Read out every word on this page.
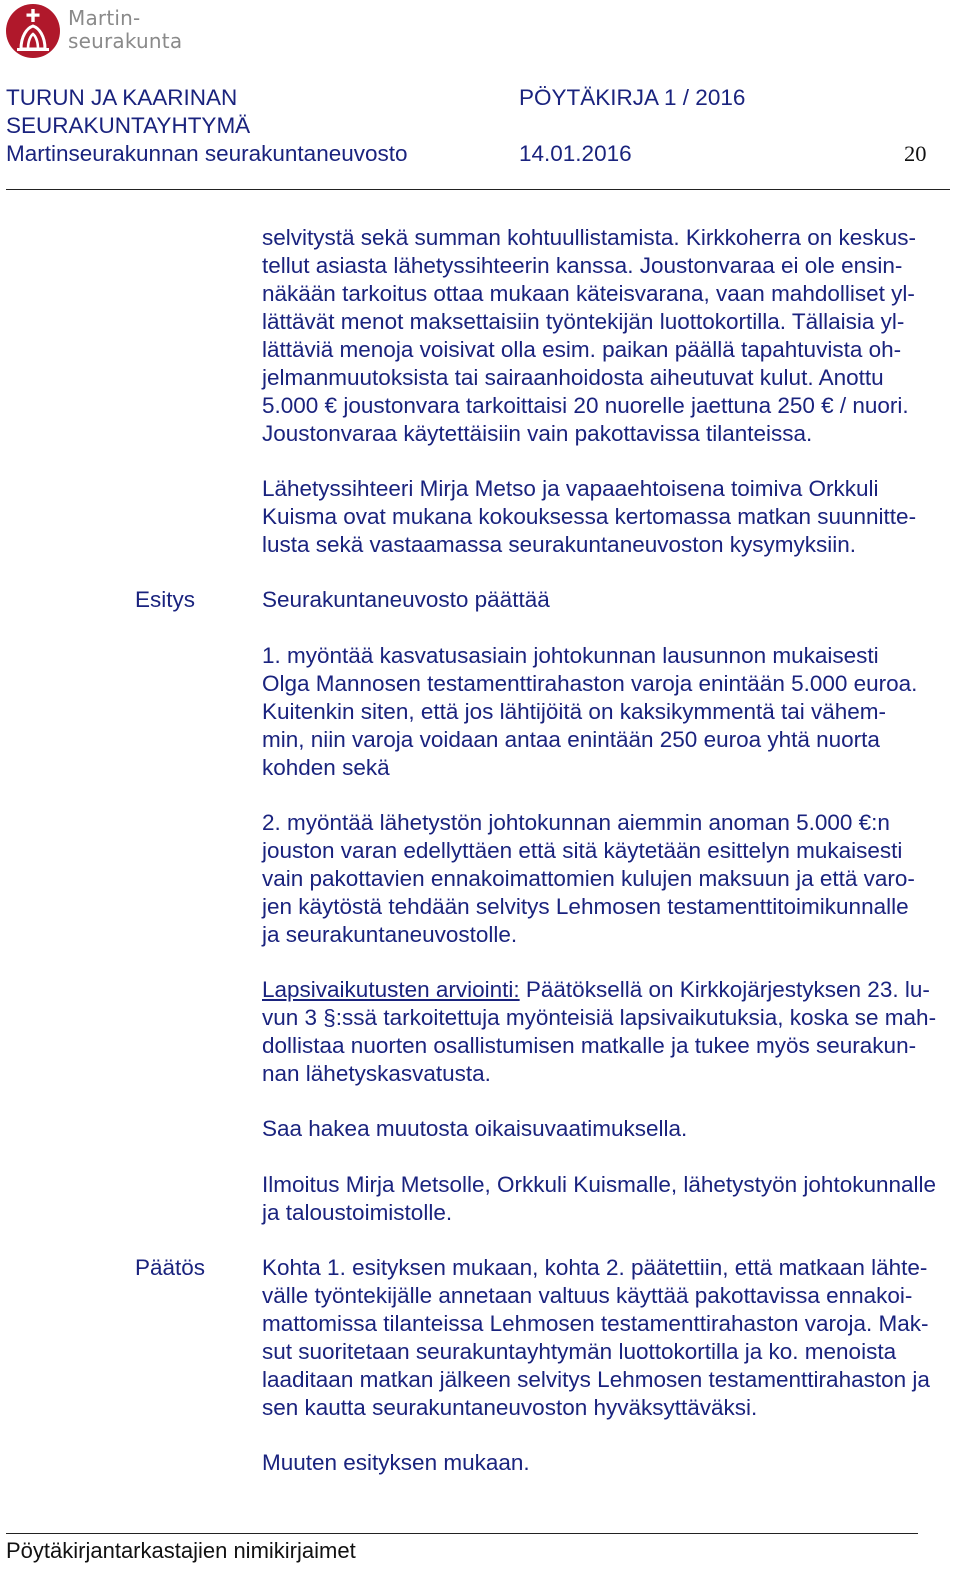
Martin-
seurakunta
TURUN JA KAARINAN
SEURAKUNTAYHTYMÄ
Martinseurakunnan seurakuntaneuvosto
PÖYTÄKIRJA 1 / 2016
14.01.2016	20

selvitystä sekä summan kohtuullistamista. Kirkkoherra on keskus-
tellut asiasta lähetyssihteerin kanssa. Joustonvaraa ei ole ensin-
näkään tarkoitus ottaa mukaan käteisvarana, vaan mahdolliset yl-
lättävät menot maksettaisiin työntekijän luottokortilla. Tällaisia yl-
lättäviä menoja voisivat olla esim. paikan päällä tapahtuvista oh-
jelmanmuutoksista tai sairaanhoidosta aiheutuvat kulut. Anottu
5.000 € joustonvara tarkoittaisi 20 nuorelle jaettuna 250 € / nuori.
Joustonvaraa käytettäisiin vain pakottavissa tilanteissa.

Lähetyssihteeri Mirja Metso ja vapaaehtoisena toimiva Orkkuli
Kuisma ovat mukana kokouksessa kertomassa matkan suunnitte-
lusta sekä vastaamassa seurakuntaneuvoston kysymyksiin.

Esitys	Seurakuntaneuvosto päättää

1. myöntää kasvatusasiain johtokunnan lausunnon mukaisesti
Olga Mannosen testamenttirahaston varoja enintään 5.000 euroa.
Kuitenkin siten, että jos lähtijöitä on kaksikymmentä tai vähem-
min, niin varoja voidaan antaa enintään 250 euroa yhtä nuorta
kohden sekä

2. myöntää lähetystön johtokunnan aiemmin anoman 5.000 €:n
jouston varan edellyttäen että sitä käytetään esittelyn mukaisesti
vain pakottavien ennakoimattomien kulujen maksuun ja että varo-
jen käytöstä tehdään selvitys Lehmosen testamenttitoimikunnalle
ja seurakuntaneuvostolle.

Lapsivaikutusten arviointi: Päätöksellä on Kirkkojärjestyksen 23. lu-
vun 3 §:ssä tarkoitettuja myönteisiä lapsivaikutuksia, koska se mah-
dollistaa nuorten osallistumisen matkalle ja tukee myös seurakun-
nan lähetyskasvatusta.

Saa hakea muutosta oikaisuvaatimuksella.

Ilmoitus Mirja Metsolle, Orkkuli Kuismalle, lähetystyön johtokunnalle
ja taloustoimistolle.

Päätös	Kohta 1. esityksen mukaan, kohta 2. päätettiin, että matkaan lähte-
välle työntekijälle annetaan valtuus käyttää pakottavissa ennakoi-
mattomissa tilanteissa Lehmosen testamenttirahaston varoja. Mak-
sut suoritetaan seurakuntayhtymän luottokortilla ja ko. menoista
laaditaan matkan jälkeen selvitys Lehmosen testamenttirahaston ja
sen kautta seurakuntaneuvoston hyväksyttäväksi.

Muuten esityksen mukaan.

Pöytäkirjantarkastajien nimikirjaimet
